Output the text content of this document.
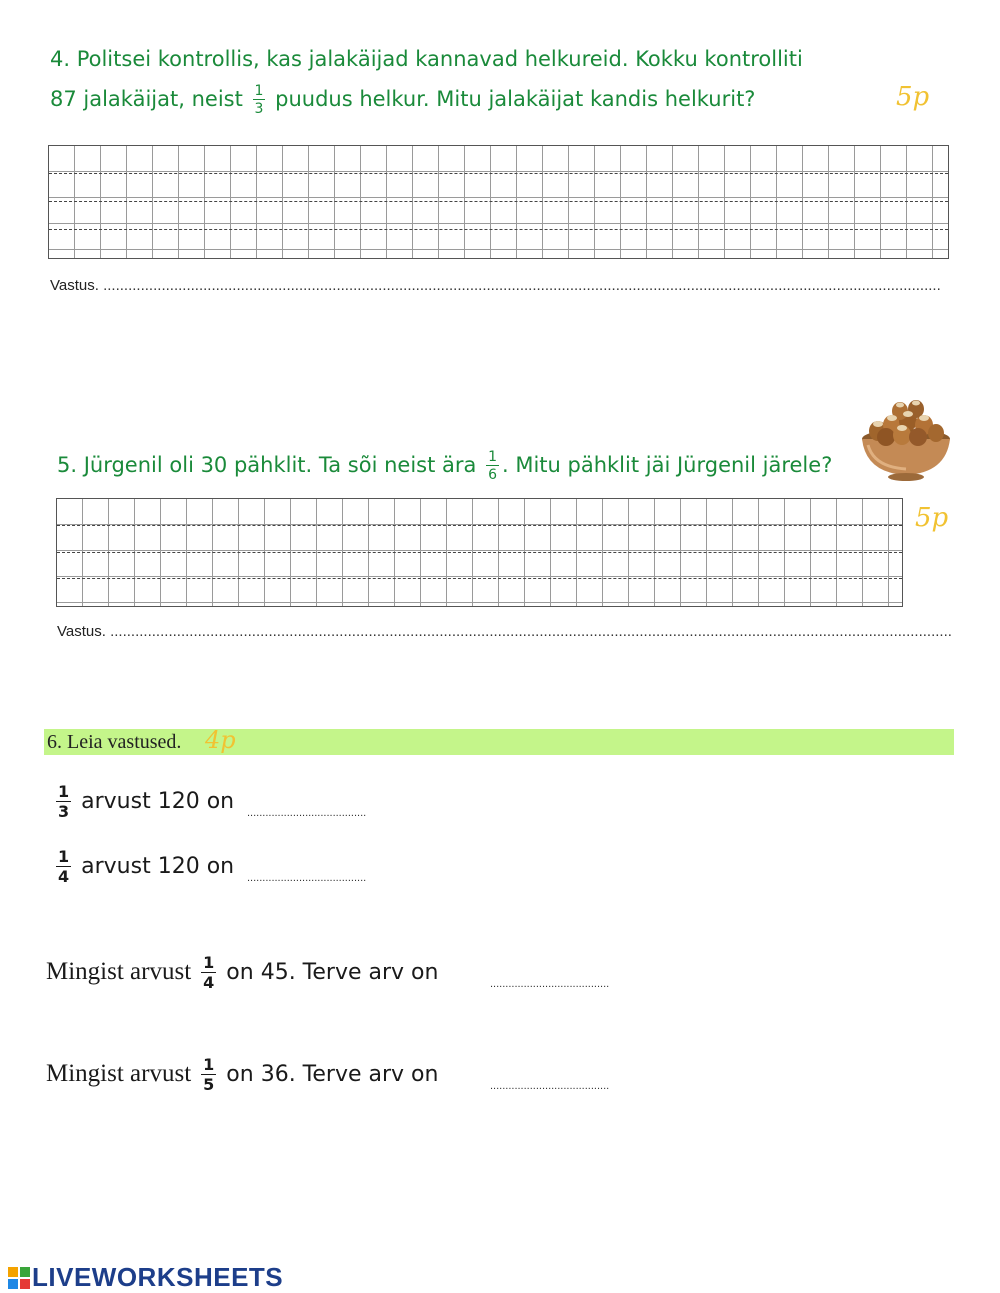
4. Politsei kontrollis, kas jalakäijad kannavad helkureid. Kokku kontrolliti
87 jalakäijat, neist $\frac{1}{3}$ puudus helkur. Mitu jalakäijat kandis helkurit?	5p
Vastus. .........................................................................................................................................................................................................
5. Jürgenil oli 30 pähklit. Ta sõi neist ära $\frac{1}{6}$ . Mitu pähklit jäi Jürgenil järele?
5p
Vastus. ..........................................................................................................................................................................................................
6. Leia vastused. 4p
$\frac{1}{3}$ arvust 120 on .......................................
$\frac{1}{4}$ arvust 120 on .......................................
Mingist arvust $\frac{1}{4}$ on 45. Terve arv on	.......................................
Mingist arvust $\frac{1}{5}$ on 36. Terve arv on	.......................................
LIVEWORKSHEETS
